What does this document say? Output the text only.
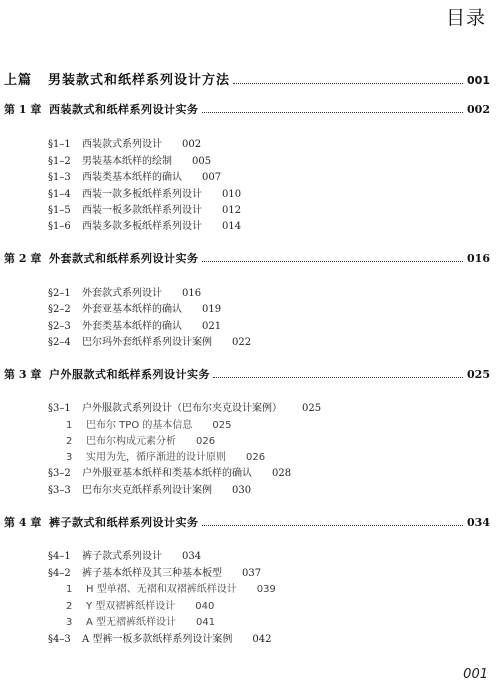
目录
上篇 男装款式和纸样系列设计方法	001
第 1 章 西装款式和纸样系列设计实务	002
§1–1 西装款式系列设计 002
§1–2 男装基本纸样的绘制 005
§1–3 西装类基本纸样的确认 007
§1–4 西装一款多板纸样系列设计 010
§1–5 西装一板多款纸样系列设计 012
§1–6 西装多款多板纸样系列设计 014
第 2 章 外套款式和纸样系列设计实务	016
§2–1 外套款式系列设计 016
§2–2 外套亚基本纸样的确认 019
§2–3 外套类基本纸样的确认 021
§2–4 巴尔玛外套纸样系列设计案例 022
第 3 章 户外服款式和纸样系列设计实务	025
§3–1 户外服款式系列设计（巴布尔夹克设计案例） 025
1 巴布尔 TPO 的基本信息 025
2 巴布尔构成元素分析 026
3 实用为先，循序渐进的设计原则 026
§3–2 户外服亚基本纸样和类基本纸样的确认 028
§3–3 巴布尔夹克纸样系列设计案例 030
第 4 章 裤子款式和纸样系列设计实务	034
§4–1 裤子款式系列设计 034
§4–2 裤子基本纸样及其三种基本板型 037
1 H 型单褶、无褶和双褶裤纸样设计 039
2 Y 型双褶裤纸样设计 040
3 A 型无褶裤纸样设计 041
§4–3 A 型裤一板多款纸样系列设计案例 042
001
